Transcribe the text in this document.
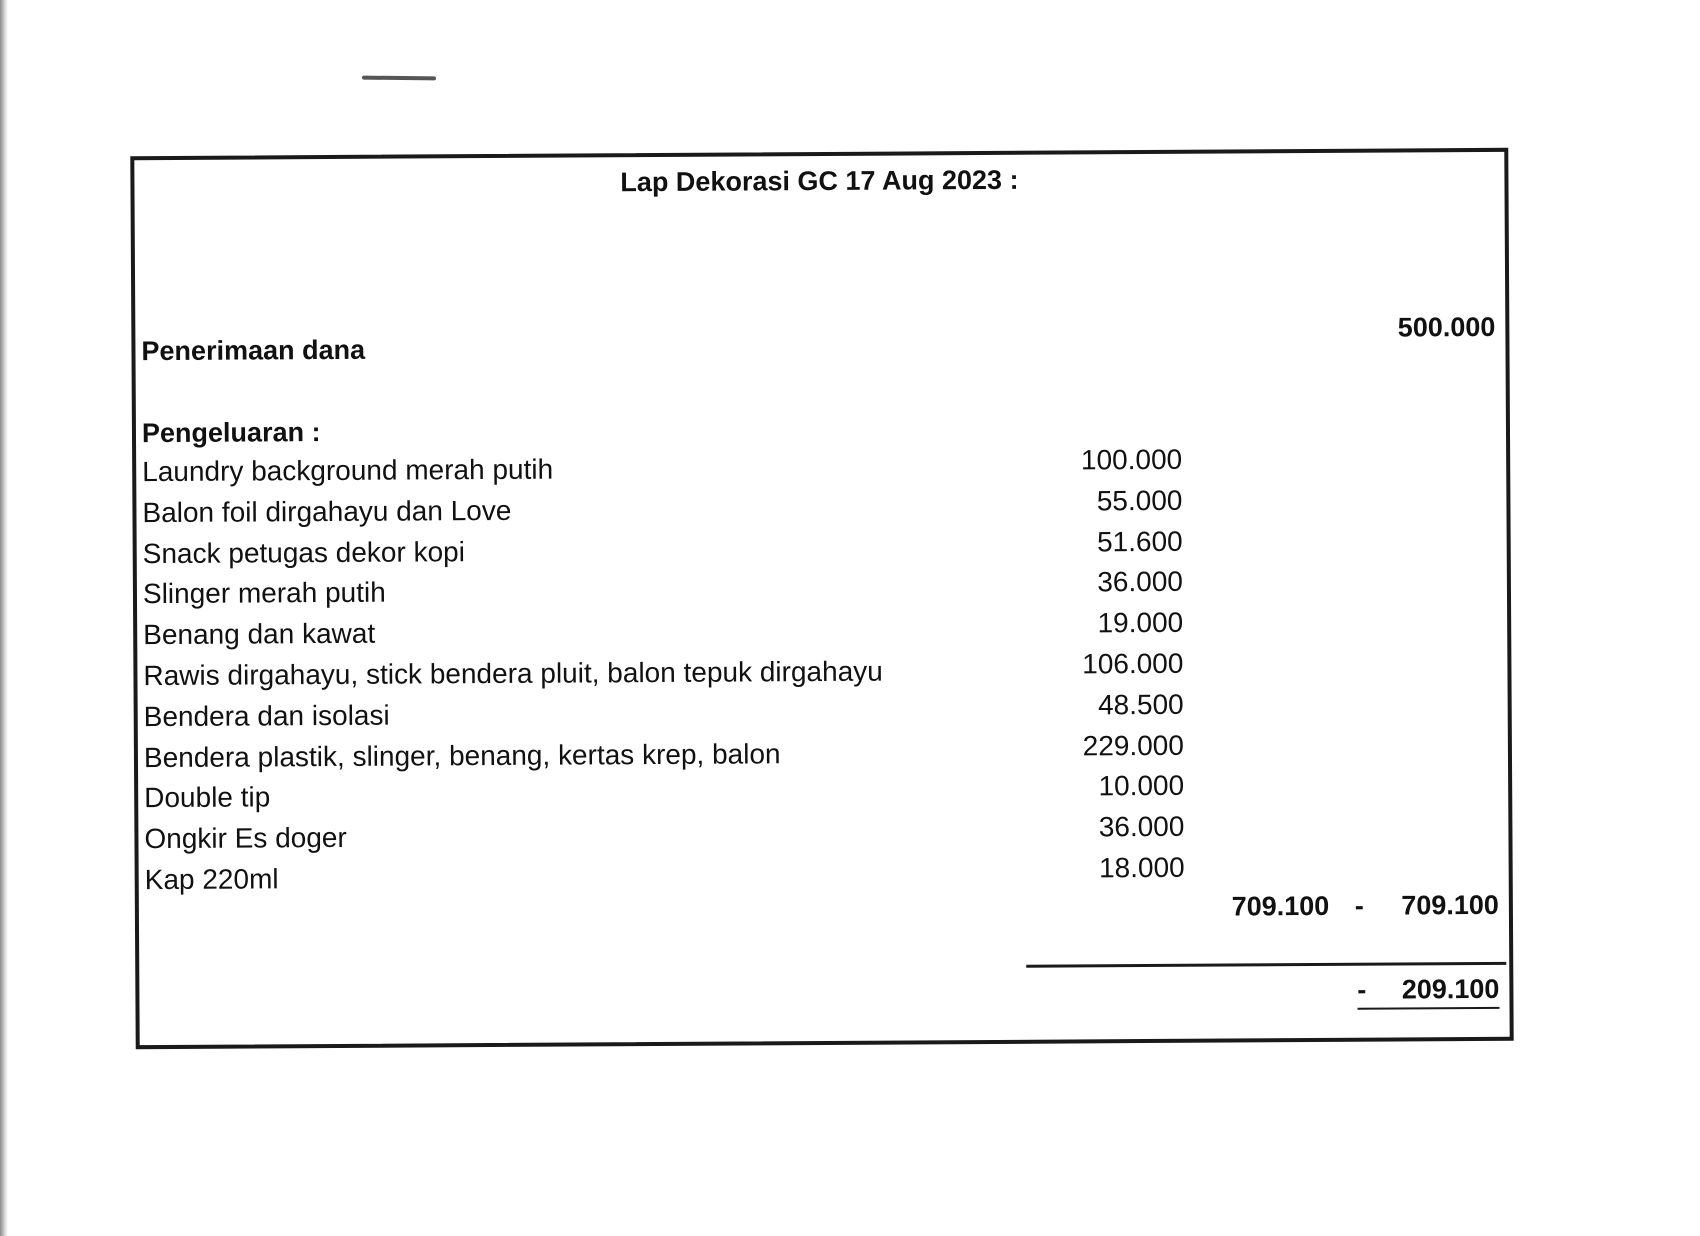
Lap Dekorasi GC 17 Aug 2023 :
Penerimaan dana
500.000
Pengeluaran :
Laundry background merah putih	100.000
Balon foil dirgahayu dan Love	55.000
Snack petugas dekor kopi	51.600
Slinger merah putih	36.000
Benang dan kawat	19.000
Rawis dirgahayu, stick bendera pluit, balon tepuk dirgahayu	106.000
Bendera dan isolasi	48.500
Bendera plastik, slinger, benang, kertas krep, balon	229.000
Double tip	10.000
Ongkir Es doger	36.000
Kap 220ml	18.000
709.100 - 709.100
- 209.100
